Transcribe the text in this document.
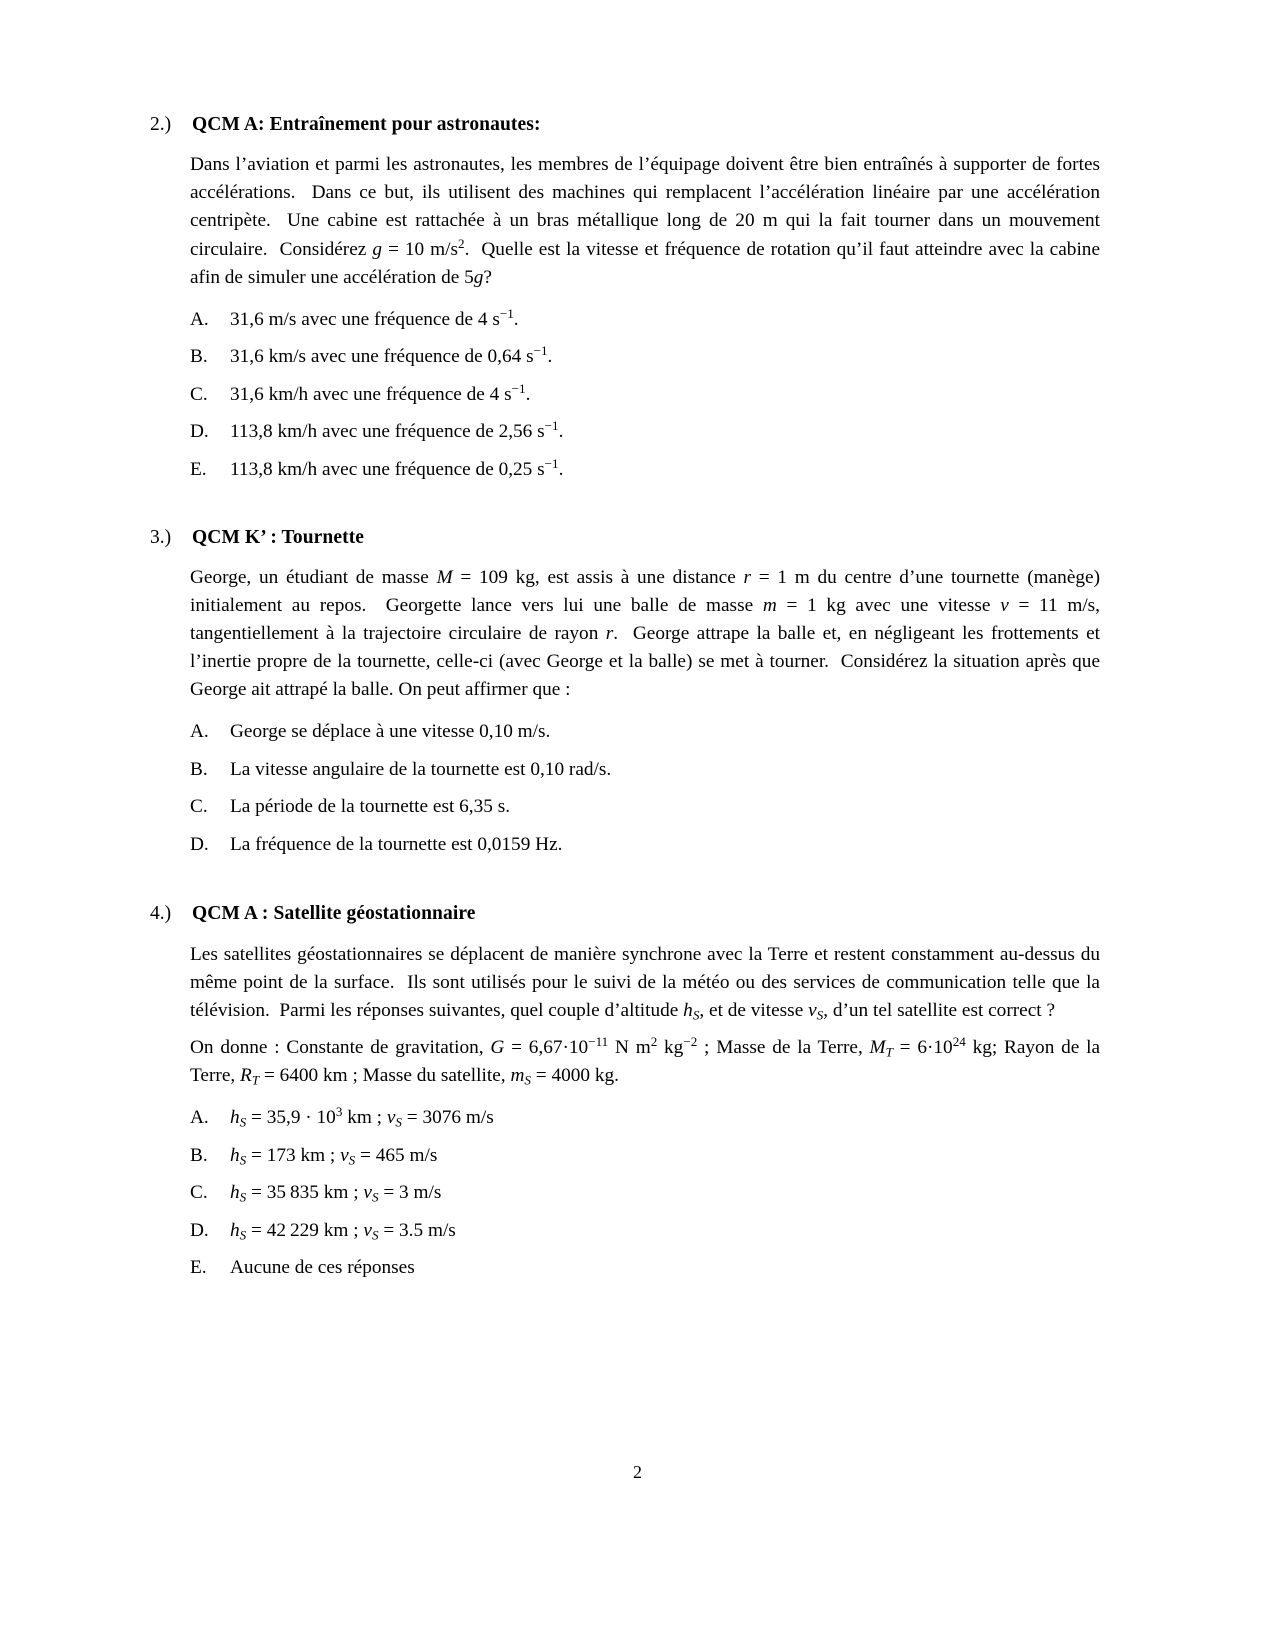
2.)	QCM A: Entraînement pour astronautes:

Dans l’aviation et parmi les astronautes, les membres de l’équipage doivent être bien entraînés à supporter de fortes accélérations.  Dans ce but, ils utilisent des machines qui remplacent l’accélération linéaire par une accélération centripète.  Une cabine est rattachée à un bras métallique long de 20 m qui la fait tourner dans un mouvement circulaire.  Considérez g = 10 $m/s^2$.  Quelle est la vitesse et fréquence de rotation qu’il faut atteindre avec la cabine afin de simuler une accélération de 5g?

A.	31,6 m/s avec une fréquence de 4 $s^{-1}$.
B.	31,6 km/s avec une fréquence de 0,64 $s^{-1}$.
C.	31,6 km/h avec une fréquence de 4 $s^{-1}$.
D.	113,8 km/h avec une fréquence de 2,56 $s^{-1}$.
E.	113,8 km/h avec une fréquence de 0,25 $s^{-1}$.
3.)	QCM K’ : Tournette

George, un étudiant de masse M = 109 kg, est assis à une distance r = 1 m du centre d’une tournette (manège) initialement au repos.  Georgette lance vers lui une balle de masse m = 1 kg avec une vitesse v = 11 m/s, tangentiellement à la trajectoire circulaire de rayon r.  George attrape la balle et, en négligeant les frottements et l’inertie propre de la tournette, celle-ci (avec George et la balle) se met à tourner.  Considérez la situation après que George ait attrapé la balle. On peut affirmer que :

A.	George se déplace à une vitesse 0,10 m/s.
B.	La vitesse angulaire de la tournette est 0,10 rad/s.
C.	La période de la tournette est 6,35 s.
D.	La fréquence de la tournette est 0,0159 Hz.
4.)	QCM A : Satellite géostationnaire

Les satellites géostationnaires se déplacent de manière synchrone avec la Terre et restent constamment au-dessus du même point de la surface.  Ils sont utilisés pour le suivi de la météo ou des services de communication telle que la télévision.  Parmi les réponses suivantes, quel couple d’altitude $h_S$, et de vitesse $v_S$, d’un tel satellite est correct ?

On donne : Constante de gravitation, $G = 6,67\cdot 10^{-11}$ N $m^2$ $kg^{-2}$ ; Masse de la Terre, $M_T = 6\cdot 10^{24}$ kg; Rayon de la Terre, $R_T = 6400$ km ; Masse du satellite, $m_S = 4000$ kg.

A.	$h_S = 35,9 \cdot 10^3$ km ; $v_S = 3076$ m/s
B.	$h_S = 173$ km ; $v_S = 465$ m/s
C.	$h_S = 35$ 835 km ; $v_S = 3$ m/s
D.	$h_S = 42$ 229 km ; $v_S = 3.5$ m/s
E.	Aucune de ces réponses
2
